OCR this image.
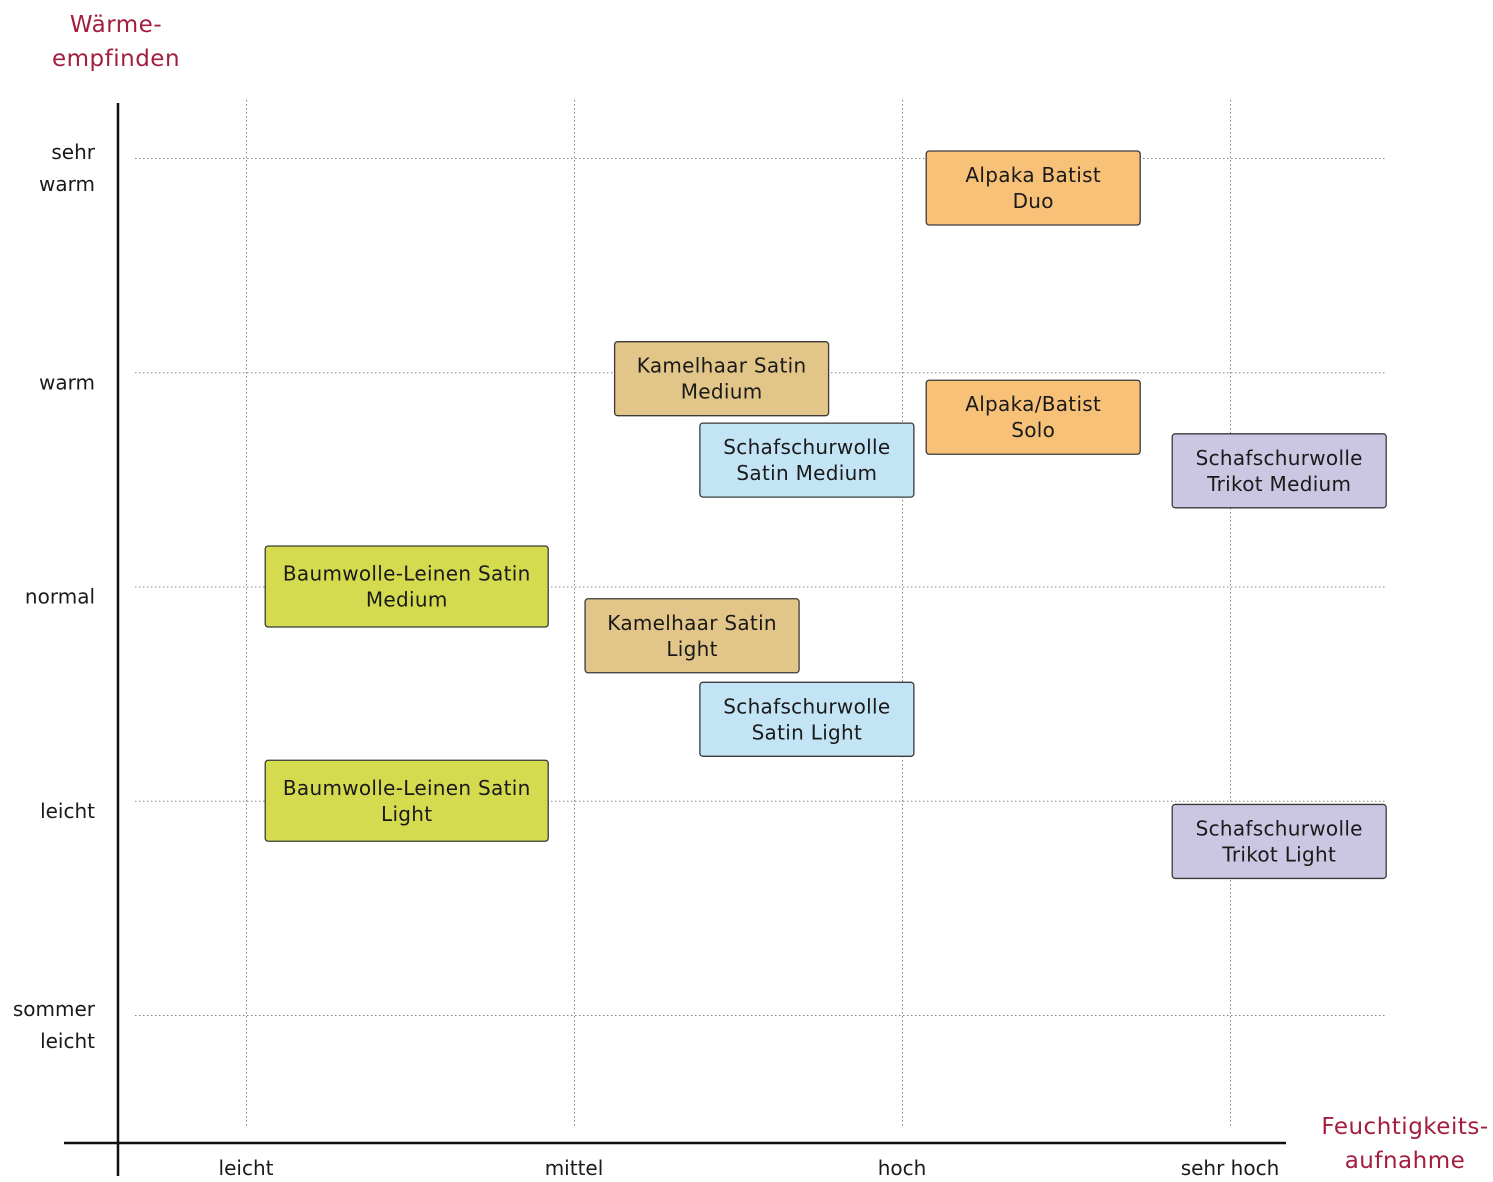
sommer leicht
leicht
normal
warm
sehr warm
leicht	mittel	hoch	sehr hoch
Wärme-empfinden
Feuchtigkeits-aufnahme
Alpaka Batist Duo
Kamelhaar Satin Medium
Alpaka/Batist Solo
Schafschurwolle Satin Medium
Schafschurwolle Trikot Medium
Baumwolle-Leinen Satin Medium
Kamelhaar Satin Light
Schafschurwolle Satin Light
Baumwolle-Leinen Satin Light
Schafschurwolle Trikot Light
